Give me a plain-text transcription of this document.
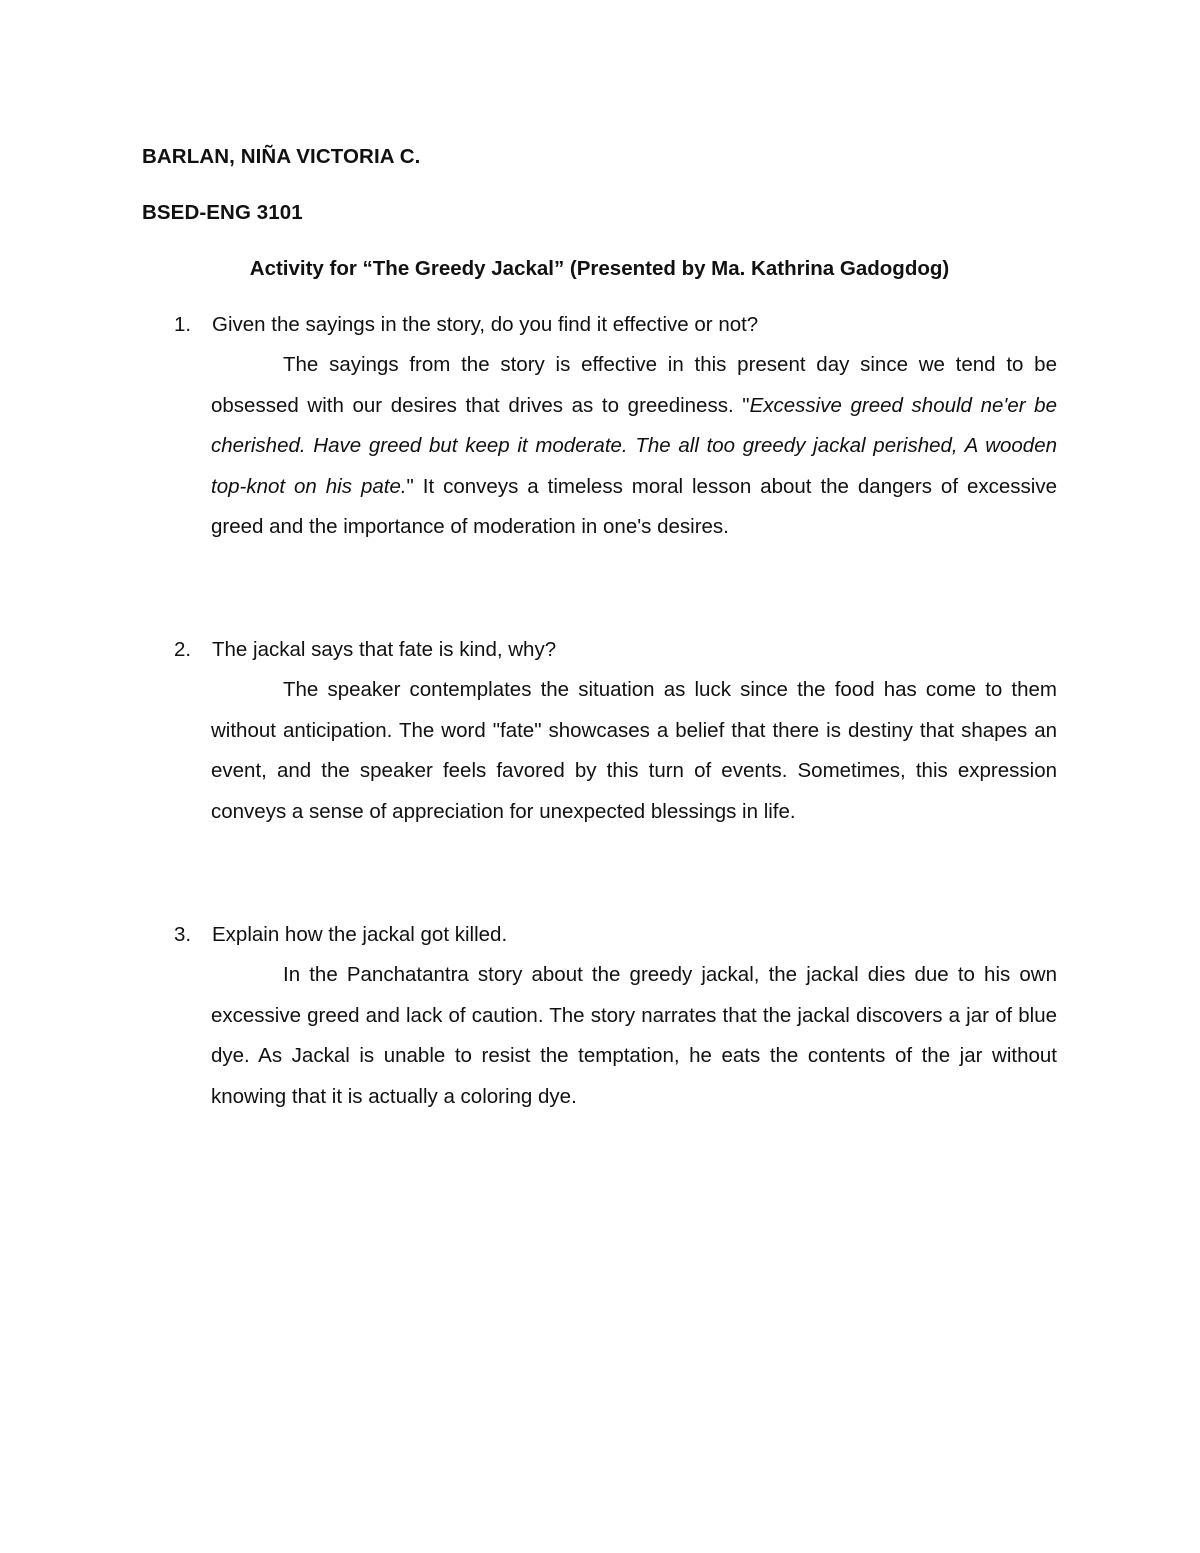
BARLAN, NIÑA VICTORIA C.
BSED-ENG 3101
Activity for “The Greedy Jackal” (Presented by Ma. Kathrina Gadogdog)
1. Given the sayings in the story, do you find it effective or not?

The sayings from the story is effective in this present day since we tend to be obsessed with our desires that drives as to greediness. "Excessive greed should ne'er be cherished. Have greed but keep it moderate. The all too greedy jackal perished, A wooden top-knot on his pate." It conveys a timeless moral lesson about the dangers of excessive greed and the importance of moderation in one's desires.

2. The jackal says that fate is kind, why?

The speaker contemplates the situation as luck since the food has come to them without anticipation. The word "fate" showcases a belief that there is destiny that shapes an event, and the speaker feels favored by this turn of events. Sometimes, this expression conveys a sense of appreciation for unexpected blessings in life.

3. Explain how the jackal got killed.

In the Panchatantra story about the greedy jackal, the jackal dies due to his own excessive greed and lack of caution. The story narrates that the jackal discovers a jar of blue dye. As Jackal is unable to resist the temptation, he eats the contents of the jar without knowing that it is actually a coloring dye.
